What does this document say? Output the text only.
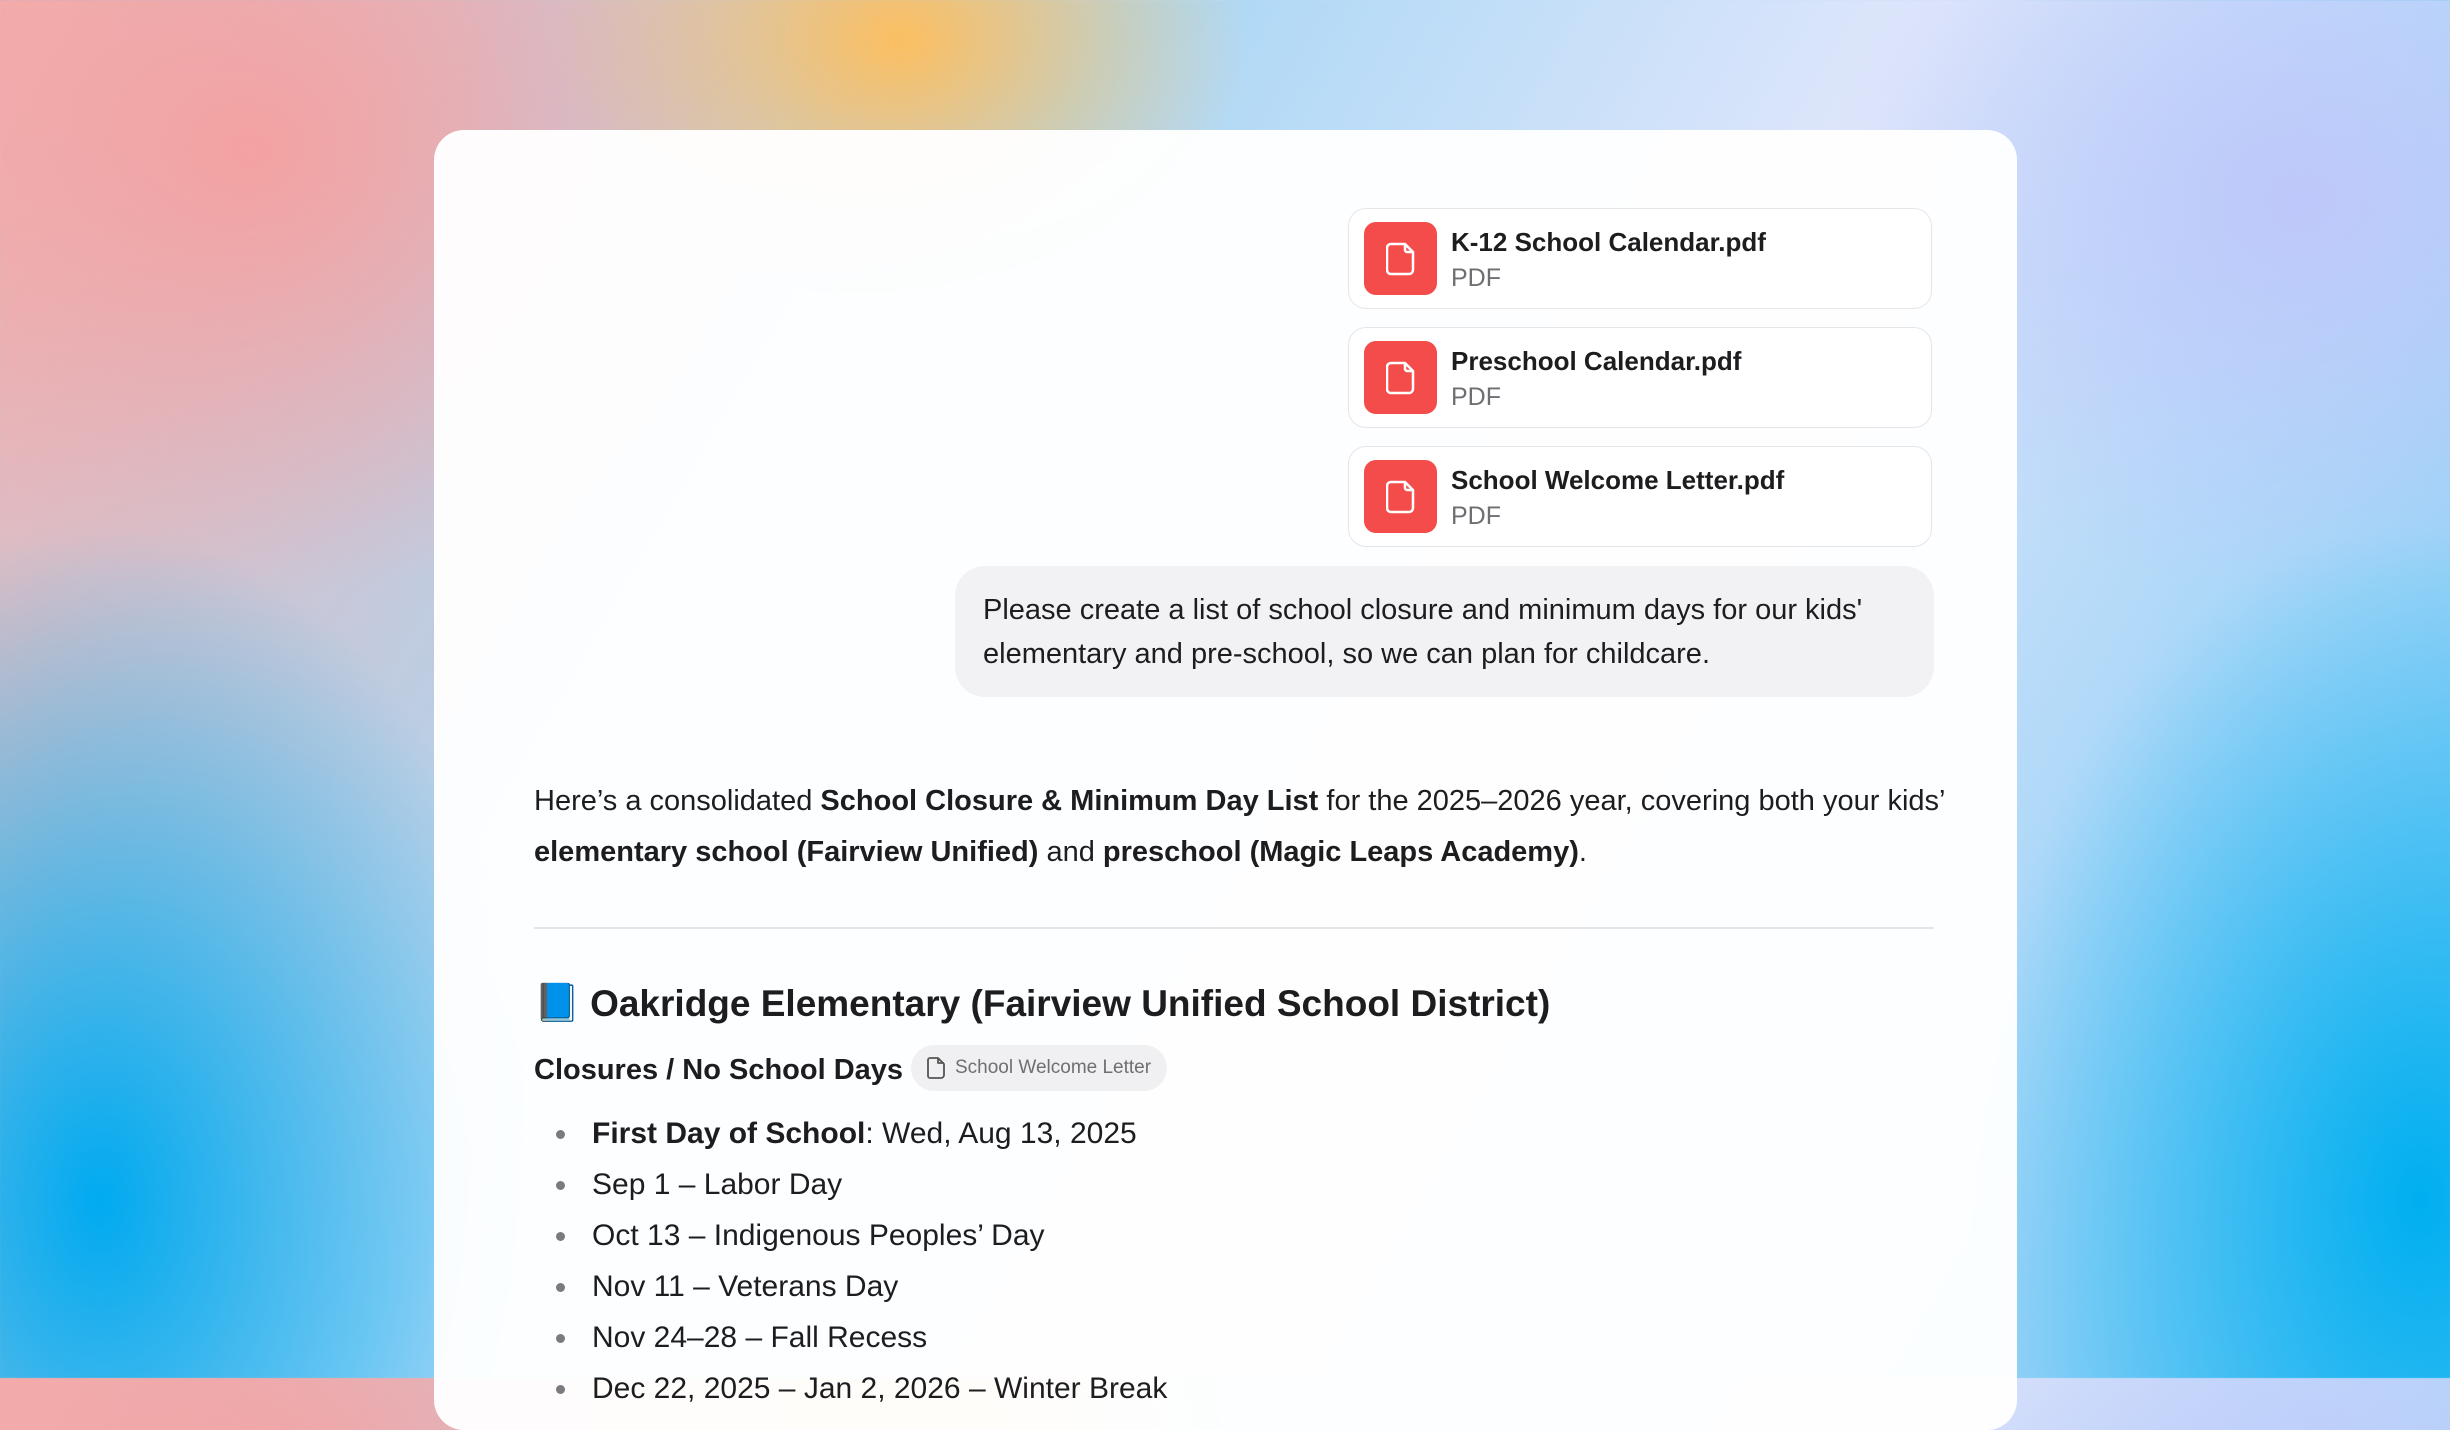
K-12 School Calendar.pdf
PDF
Preschool Calendar.pdf
PDF
School Welcome Letter.pdf
PDF
Please create a list of school closure and minimum days for our kids' elementary and pre-school, so we can plan for childcare.
Here’s a consolidated School Closure & Minimum Day List for the 2025–2026 year, covering both your kids’ elementary school (Fairview Unified) and preschool (Magic Leaps Academy).
📘 Oakridge Elementary (Fairview Unified School District)
Closures / No School Days	School Welcome Letter
First Day of School: Wed, Aug 13, 2025
Sep 1 – Labor Day
Oct 13 – Indigenous Peoples’ Day
Nov 11 – Veterans Day
Nov 24–28 – Fall Recess
Dec 22, 2025 – Jan 2, 2026 – Winter Break
